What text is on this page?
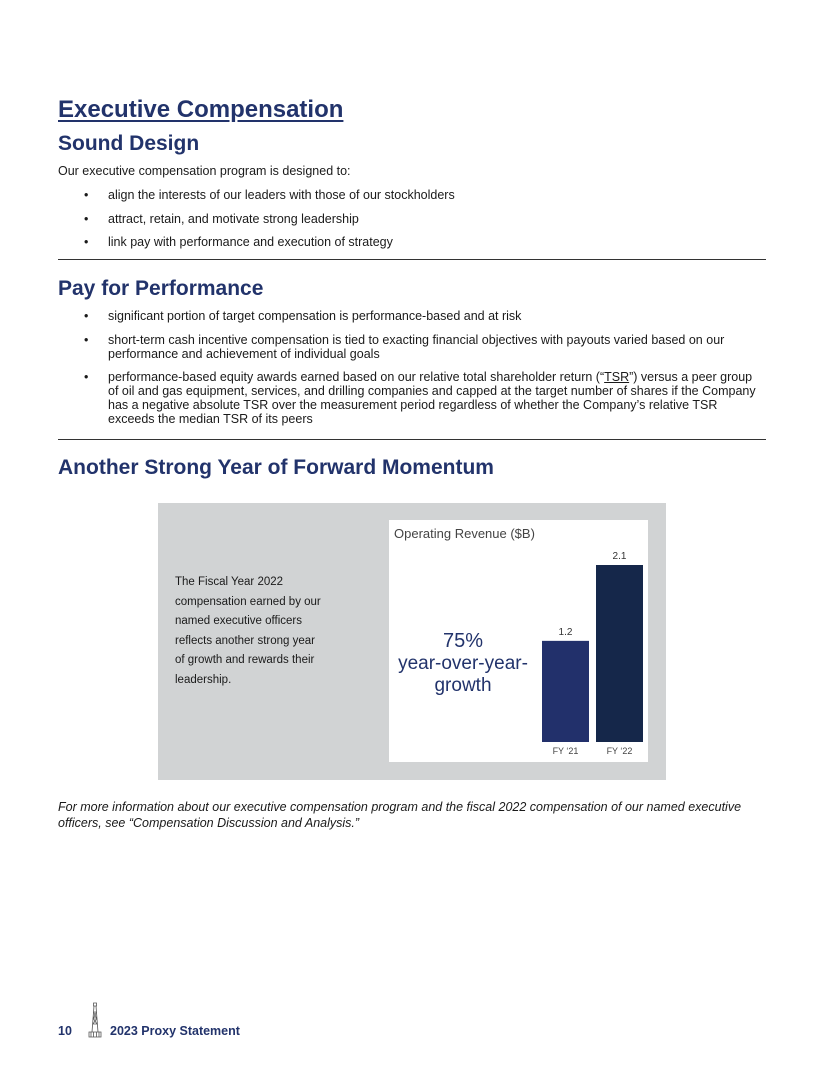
Executive Compensation
Sound Design

Our executive compensation program is designed to:

• align the interests of our leaders with those of our stockholders
• attract, retain, and motivate strong leadership
• link pay with performance and execution of strategy
Pay for Performance
• significant portion of target compensation is performance-based and at risk
• short-term cash incentive compensation is tied to exacting financial objectives with payouts varied based on our performance and achievement of individual goals
• performance-based equity awards earned based on our relative total shareholder return (“TSR”) versus a peer group of oil and gas equipment, services, and drilling companies and capped at the target number of shares if the Company has a negative absolute TSR over the measurement period regardless of whether the Company’s relative TSR exceeds the median TSR of its peers
Another Strong Year of Forward Momentum

The Fiscal Year 2022 compensation earned by our named executive officers reflects another strong year of growth and rewards their leadership.

Operating Revenue ($B)
75%
year-over-year-
growth
1.2
FY ‘21
2.1
FY ‘22

For more information about our executive compensation program and the fiscal 2022 compensation of our named executive officers, see “Compensation Discussion and Analysis.”

10	2023 Proxy Statement
